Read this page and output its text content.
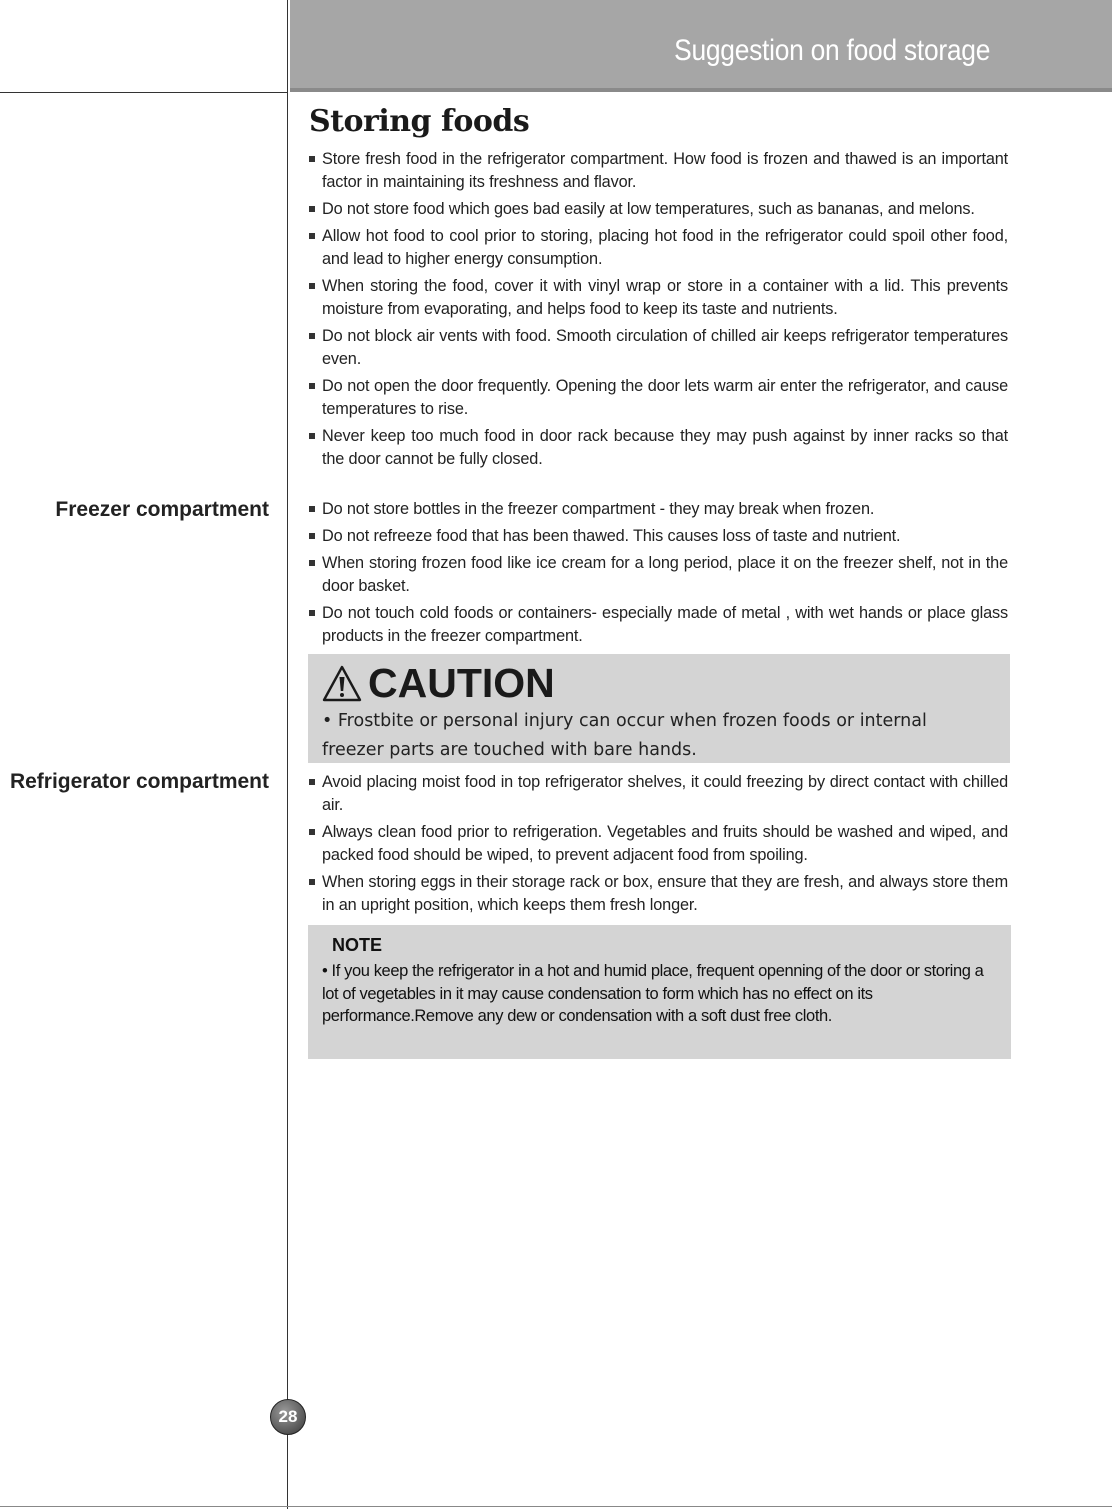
Suggestion on food storage
Storing foods
Freezer compartment
Refrigerator compartment
Store fresh food in the refrigerator compartment. How food is frozen and thawed is an important factor in maintaining its freshness and flavor.
Do not store food which goes bad easily at low temperatures, such as bananas, and melons.
Allow hot food to cool prior to storing, placing hot food in the refrigerator could spoil other food, and lead to higher energy consumption.
When storing the food, cover it with vinyl wrap or store in a container with a lid. This prevents moisture from evaporating, and helps food to keep its taste and nutrients.
Do not block air vents with food. Smooth circulation of chilled air keeps refrigerator temperatures even.
Do not open the door frequently. Opening the door lets warm air enter the refrigerator, and cause temperatures to rise.
Never keep too much food in door rack because they may push against by inner racks so that the door cannot be fully closed.
Do not store bottles in the freezer compartment - they may break when frozen.
Do not refreeze food that has been thawed. This causes loss of taste and nutrient.
When storing frozen food like ice cream for a long period, place it on the freezer shelf, not in the door basket.
Do not touch cold foods or containers- especially made of metal , with wet hands or place glass products in the freezer compartment.
CAUTION
• Frostbite or personal injury can occur when frozen foods or internal freezer parts are touched with bare hands.
Avoid placing moist food in top refrigerator shelves, it could freezing by direct contact with chilled air.
Always clean food prior to refrigeration. Vegetables and fruits should be washed and wiped, and packed food should be wiped, to prevent adjacent food from spoiling.
When storing eggs in their storage rack or box, ensure that they are fresh, and always store them in an upright position, which keeps them fresh longer.
NOTE
• If you keep the refrigerator in a hot and humid place, frequent openning of the door or storing a lot of vegetables in it may cause condensation to form which has no effect on its performance.Remove any dew or condensation with a soft dust free cloth.
28
